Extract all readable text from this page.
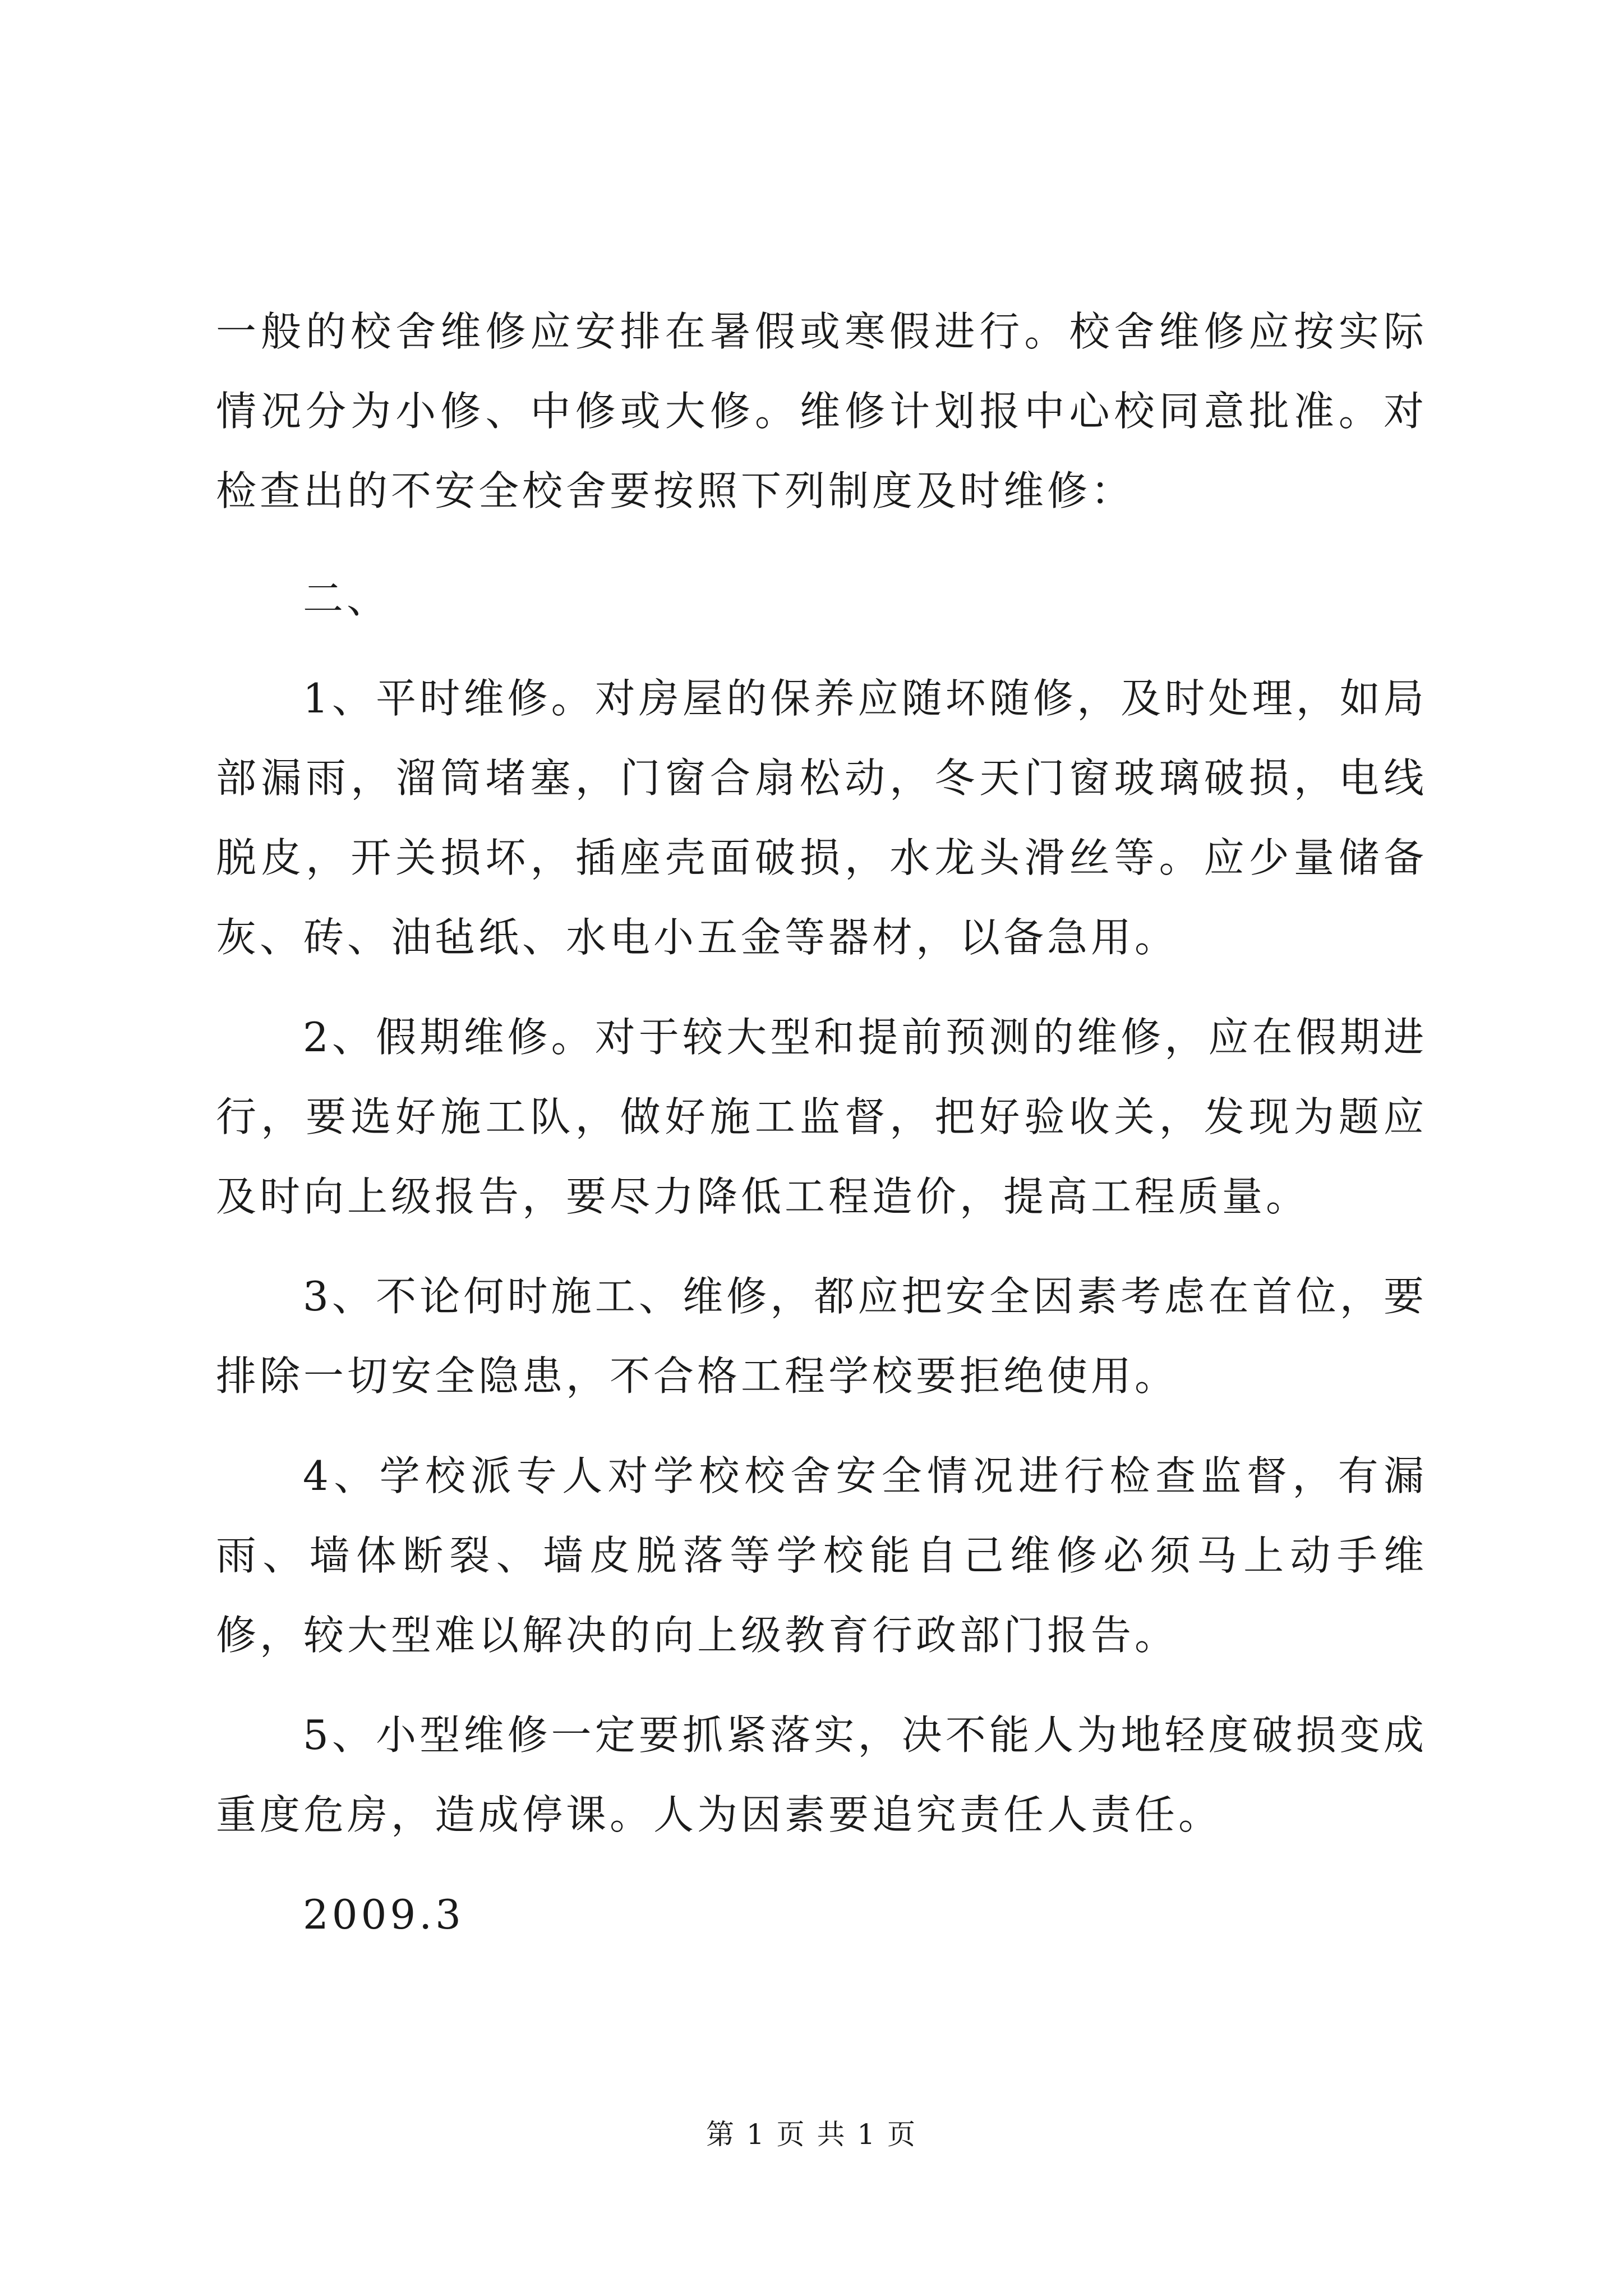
一般的校舍维修应安排在暑假或寒假进行。校舍维修应按实际情况分为小修、中修或大修。维修计划报中心校同意批准。对检查出的不安全校舍要按照下列制度及时维修：

二、

1、平时维修。对房屋的保养应随坏随修，及时处理，如局部漏雨，溜筒堵塞，门窗合扇松动，冬天门窗玻璃破损，电线脱皮，开关损坏，插座壳面破损，水龙头滑丝等。应少量储备灰、砖、油毡纸、水电小五金等器材，以备急用。

2、假期维修。对于较大型和提前预测的维修，应在假期进行，要选好施工队，做好施工监督，把好验收关，发现为题应及时向上级报告，要尽力降低工程造价，提高工程质量。

3、不论何时施工、维修，都应把安全因素考虑在首位，要排除一切安全隐患，不合格工程学校要拒绝使用。

4、学校派专人对学校校舍安全情况进行检查监督，有漏雨、墙体断裂、墙皮脱落等学校能自己维修必须马上动手维修，较大型难以解决的向上级教育行政部门报告。

5、小型维修一定要抓紧落实，决不能人为地轻度破损变成重度危房，造成停课。人为因素要追究责任人责任。

2009.3

第 1 页 共 1 页
